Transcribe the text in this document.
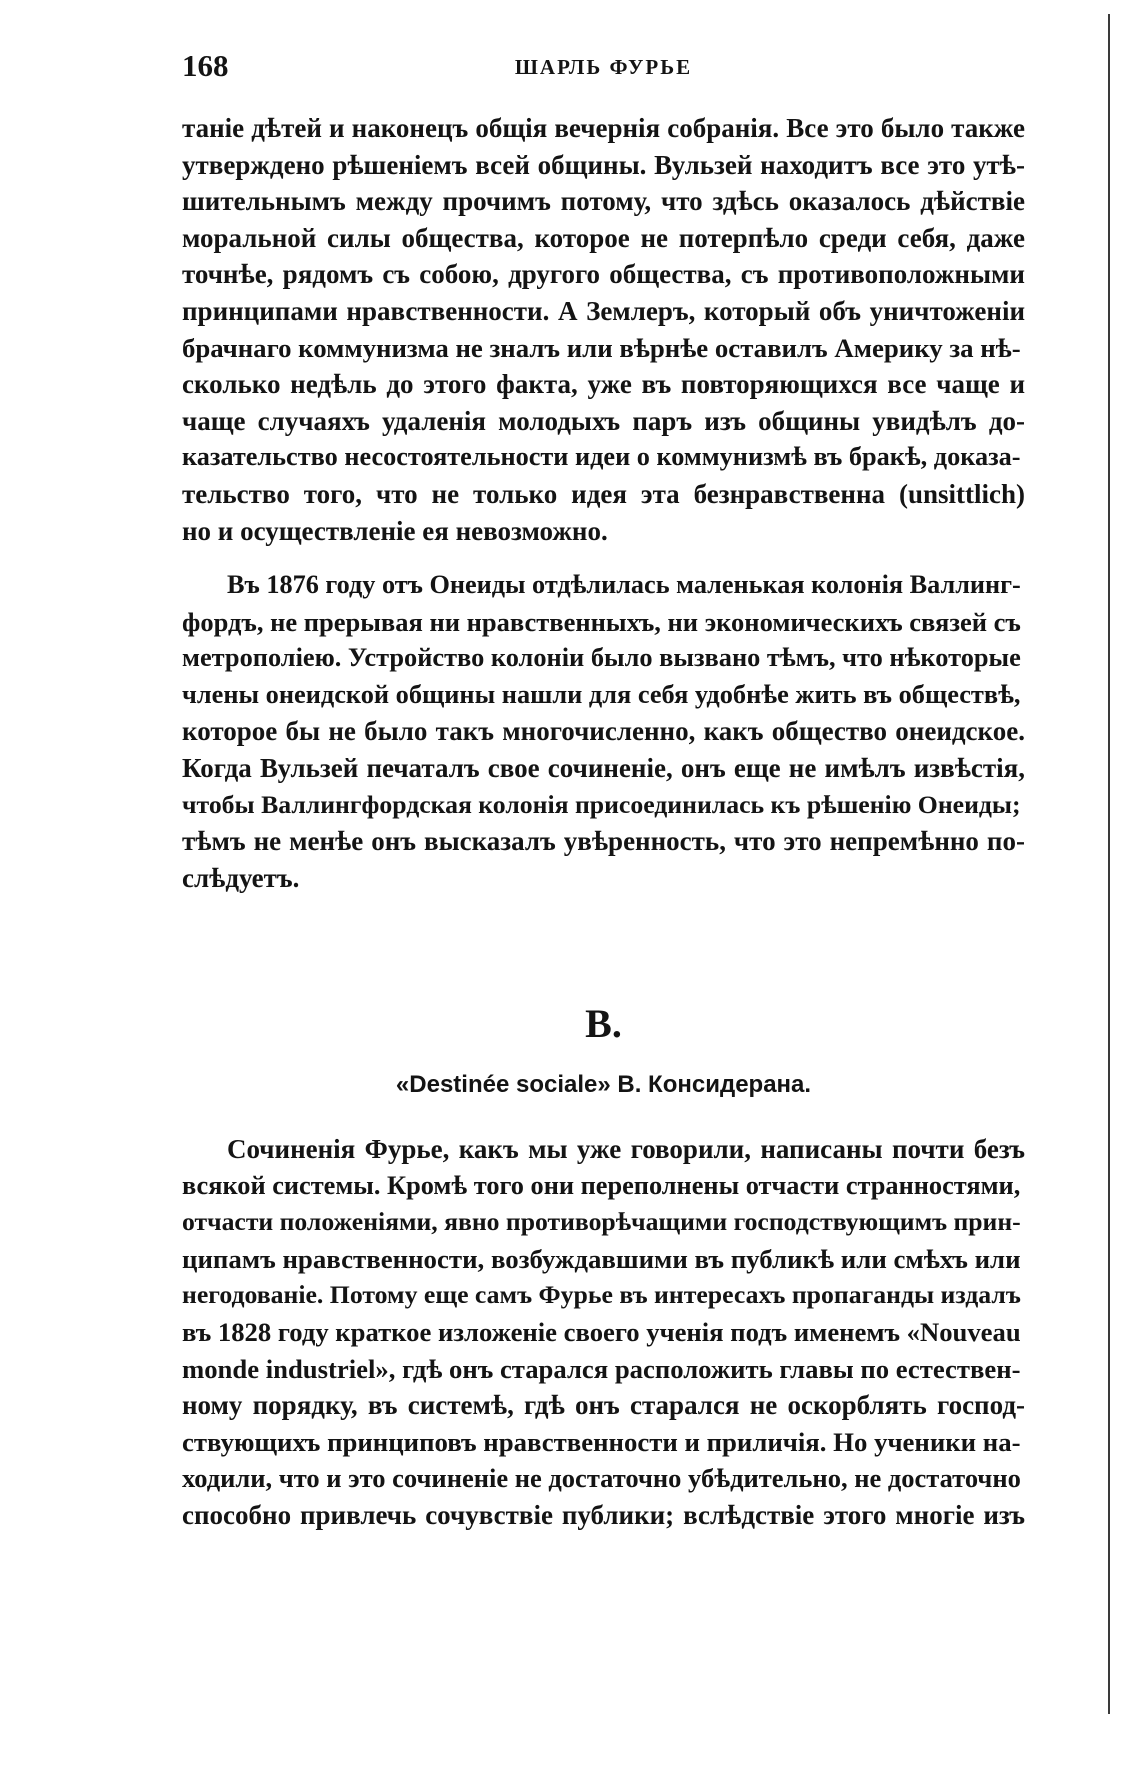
168	ШАРЛЬ ФУРЬЕ

таніе дѣтей и наконецъ общія вечернія собранія. Все это было также

утверждено рѣшеніемъ всей общины. Вульзей находитъ все это утѣ-

шительнымъ между прочимъ потому, что здѣсь оказалось дѣйствіе

моральной силы общества, которое не потерпѣло среди себя, даже

точнѣе, рядомъ съ собою, другого общества, съ противоположными

принципами нравственности. А Землеръ, который объ уничтоженіи

брачнаго коммунизма не зналъ или вѣрнѣе оставилъ Америку за нѣ-

сколько недѣль до этого факта, уже въ повторяющихся все чаще и

чаще случаяхъ удаленія молодыхъ паръ изъ общины увидѣлъ до-

казательство несостоятельности идеи о коммунизмѣ въ бракѣ, доказа-

тельство того, что не только идея эта безнравственна (unsittlich)

но и осуществленіе ея невозможно.

Въ 1876 году отъ Онеиды отдѣлилась маленькая колонія Валлинг-

фордъ, не прерывая ни нравственныхъ, ни экономическихъ связей съ

метрополіею. Устройство колоніи было вызвано тѣмъ, что нѣкоторые

члены онеидской общины нашли для себя удобнѣе жить въ обществѣ,

которое бы не было такъ многочисленно, какъ общество онеидское.

Когда Вульзей печаталъ свое сочиненіе, онъ еще не имѣлъ извѣстія,

чтобы Валлингфордская колонія присоединилась къ рѣшенію Онеиды;

тѣмъ не менѣе онъ высказалъ увѣренность, что это непремѣнно по-

слѣдуетъ.

B.
«Destinée sociale» В. Консидерана.

Сочиненія Фурье, какъ мы уже говорили, написаны почти безъ

всякой системы. Кромѣ того они переполнены отчасти странностями,

отчасти положеніями, явно противорѣчащими господствующимъ прин-

ципамъ нравственности, возбуждавшими въ публикѣ или смѣхъ или

негодованіе. Потому еще самъ Фурье въ интересахъ пропаганды издалъ

въ 1828 году краткое изложеніе своего ученія подъ именемъ «Nouveau

monde industriel», гдѣ онъ старался расположить главы по естествен-

ному порядку, въ системѣ, гдѣ онъ старался не оскорблять господ-

ствующихъ принциповъ нравственности и приличія. Но ученики на-

ходили, что и это сочиненіе не достаточно убѣдительно, не достаточно

способно привлечь сочувствіе публики; вслѣдствіе этого многіе изъ
